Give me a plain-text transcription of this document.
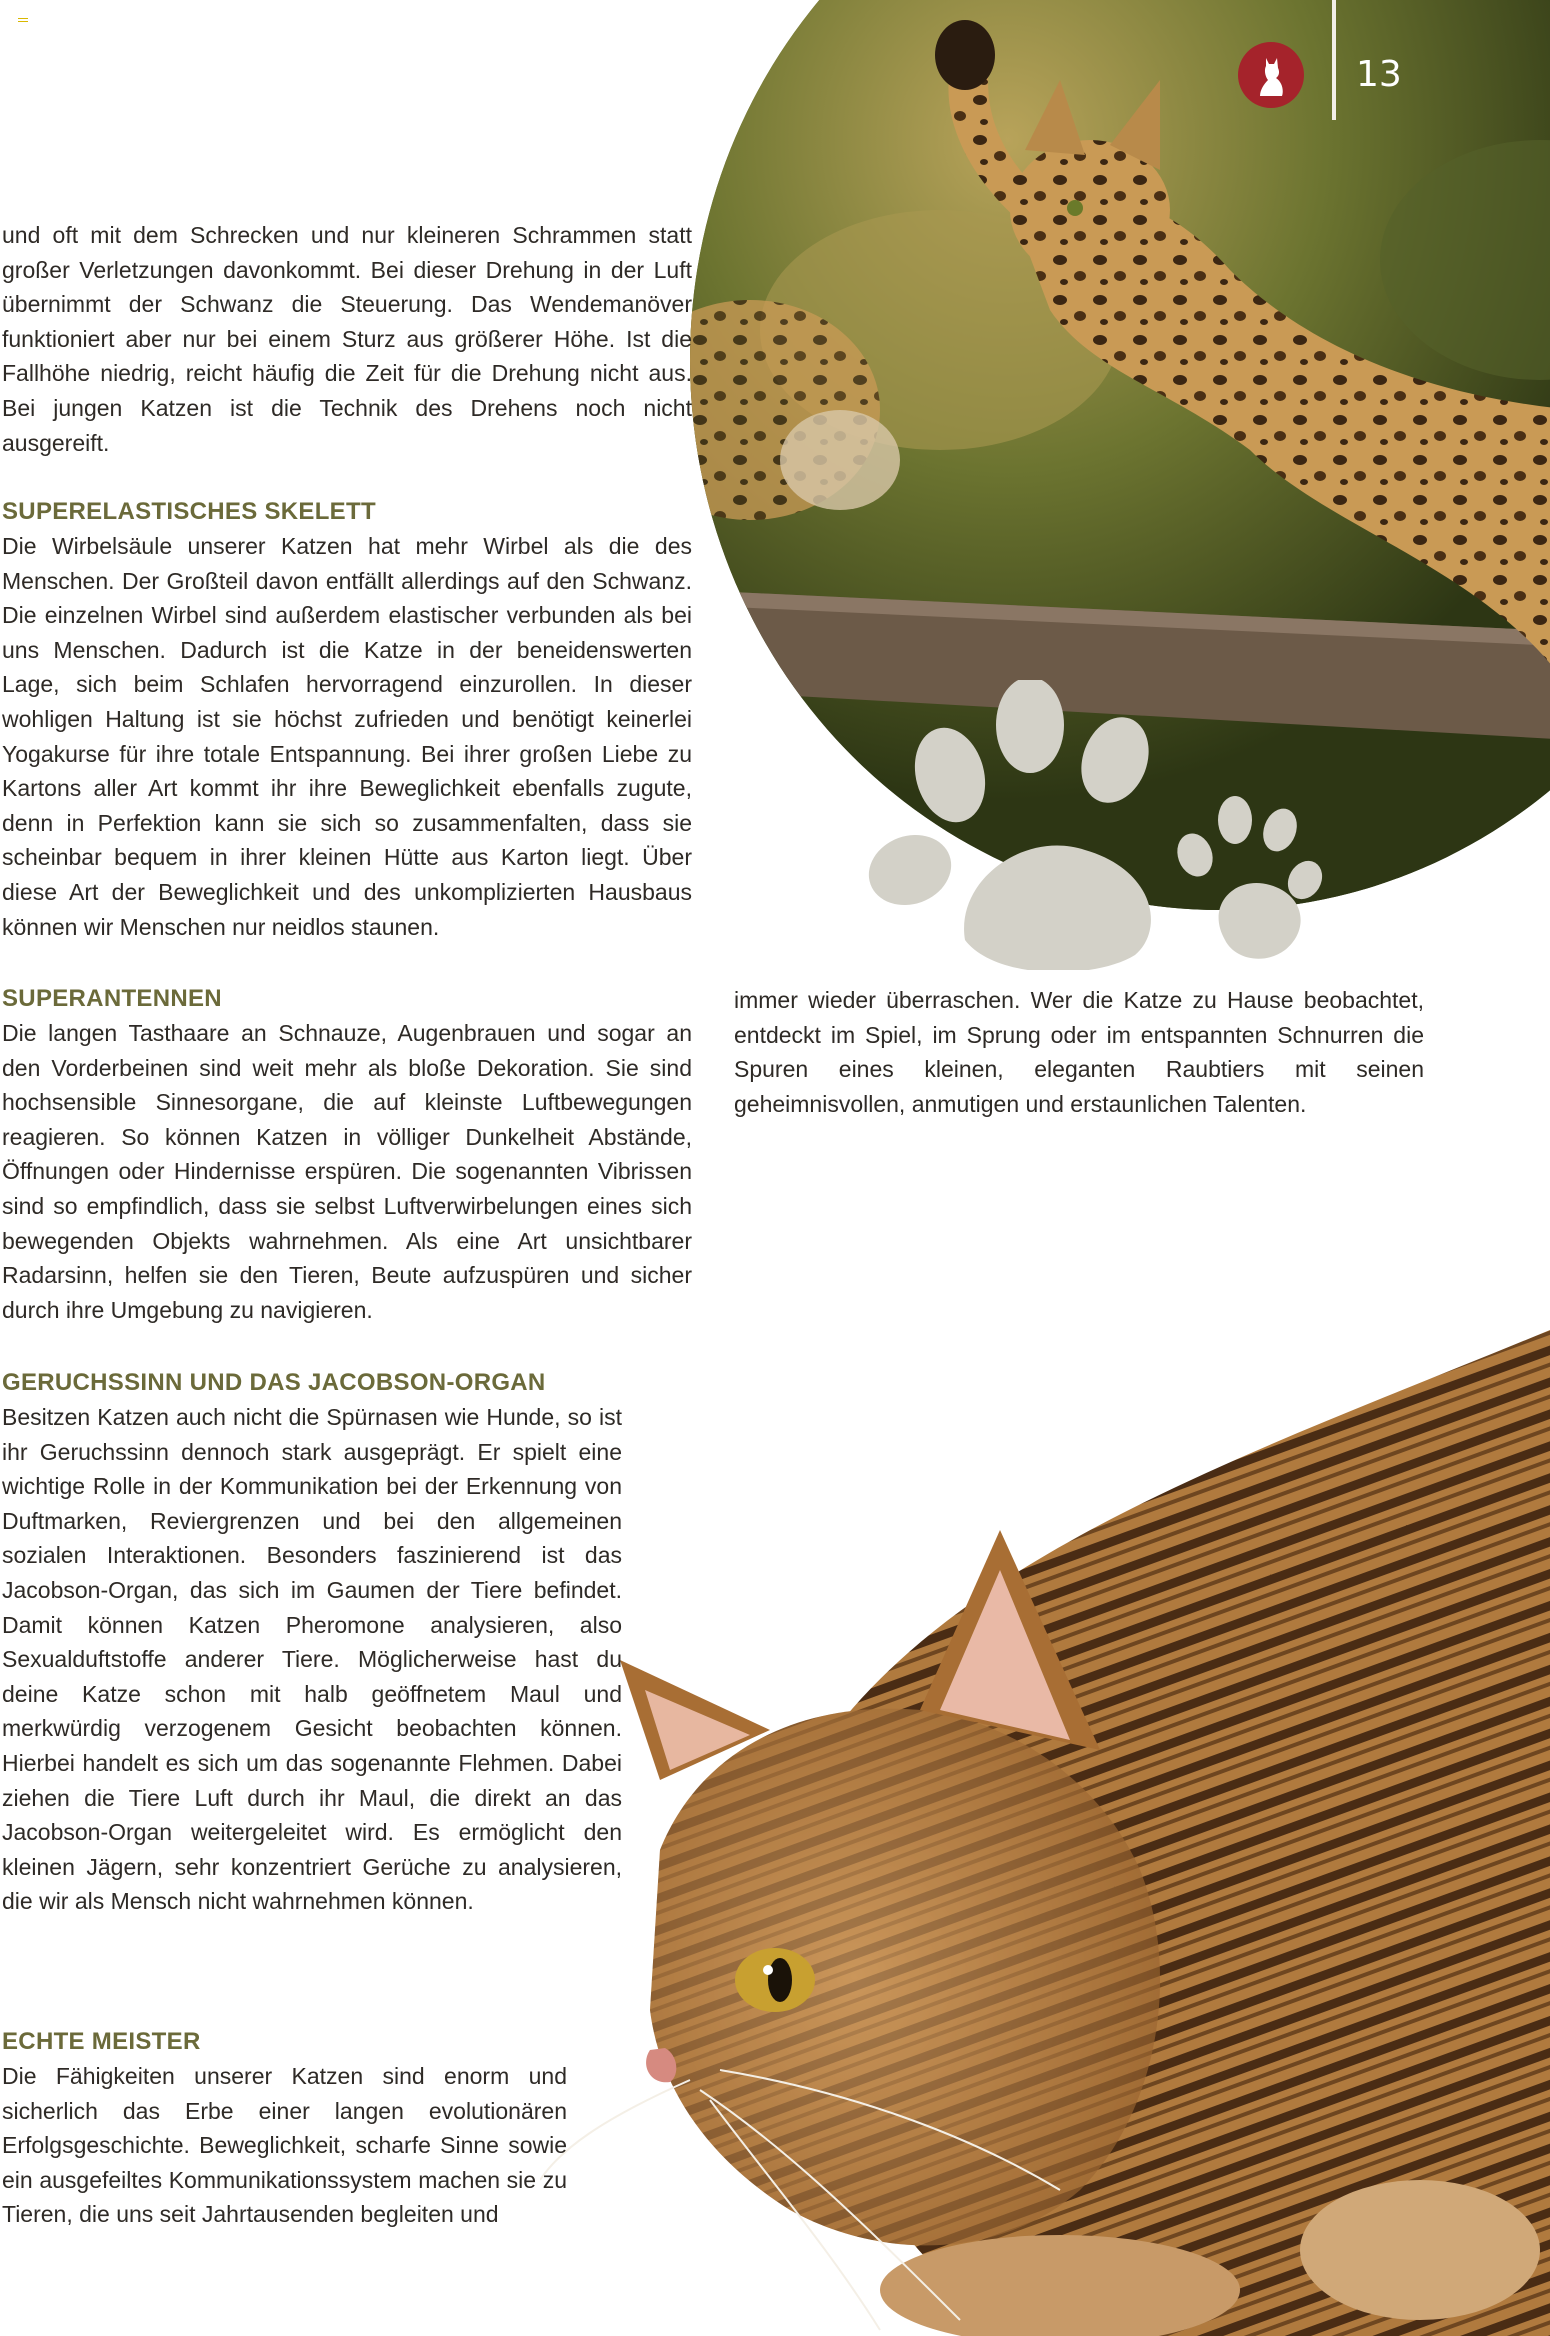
13

und oft mit dem Schrecken und nur kleineren Schrammen statt großer Verletzungen davonkommt. Bei dieser Drehung in der Luft übernimmt der Schwanz die Steuerung. Das Wendemanöver funktioniert aber nur bei einem Sturz aus größerer Höhe. Ist die Fallhöhe niedrig, reicht häufig die Zeit für die Drehung nicht aus. Bei jungen Katzen ist die Technik des Drehens noch nicht ausgereift.

SUPERELASTISCHES SKELETT

Die Wirbelsäule unserer Katzen hat mehr Wirbel als die des Menschen. Der Großteil davon entfällt allerdings auf den Schwanz. Die einzelnen Wirbel sind außerdem elastischer verbunden als bei uns Menschen. Dadurch ist die Katze in der beneidenswerten Lage, sich beim Schlafen hervorragend einzurollen. In dieser wohligen Haltung ist sie höchst zufrieden und benötigt keinerlei Yogakurse für ihre totale Entspannung. Bei ihrer großen Liebe zu Kartons aller Art kommt ihr ihre Beweglichkeit ebenfalls zugute, denn in Perfektion kann sie sich so zusammenfalten, dass sie scheinbar bequem in ihrer kleinen Hütte aus Karton liegt. Über diese Art der Beweglichkeit und des unkomplizierten Hausbaus können wir Menschen nur neidlos staunen.

SUPERANTENNEN

Die langen Tasthaare an Schnauze, Augenbrauen und sogar an den Vorderbeinen sind weit mehr als bloße Dekoration. Sie sind hochsensible Sinnesorgane, die auf kleinste Luftbewegungen reagieren. So können Katzen in völliger Dunkelheit Abstände, Öffnungen oder Hindernisse erspüren. Die sogenannten Vibrissen sind so empfindlich, dass sie selbst Luftverwirbelungen eines sich bewegenden Objekts wahrnehmen. Als eine Art unsichtbarer Radarsinn, helfen sie den Tieren, Beute aufzuspüren und sicher durch ihre Umgebung zu navigieren.

immer wieder überraschen. Wer die Katze zu Hause beobachtet, entdeckt im Spiel, im Sprung oder im entspannten Schnurren die Spuren eines kleinen, eleganten Raubtiers mit seinen geheimnisvollen, anmutigen und erstaunlichen Talenten.

GERUCHSSINN UND DAS JACOBSON-ORGAN

Besitzen Katzen auch nicht die Spürnasen wie Hunde, so ist ihr Geruchssinn dennoch stark ausgeprägt. Er spielt eine wichtige Rolle in der Kommunikation bei der Erkennung von Duftmarken, Reviergrenzen und bei den allgemeinen sozialen Interaktionen. Besonders faszinierend ist das Jacobson-Organ, das sich im Gaumen der Tiere befindet. Damit können Katzen Pheromone analysieren, also Sexualduftstoffe anderer Tiere. Möglicherweise hast du deine Katze schon mit halb geöffnetem Maul und merkwürdig verzogenem Gesicht beobachten können. Hierbei handelt es sich um das sogenannte Flehmen. Dabei ziehen die Tiere Luft durch ihr Maul, die direkt an das Jacobson-Organ weitergeleitet wird. Es ermöglicht den kleinen Jägern, sehr konzentriert Gerüche zu analysieren, die wir als Mensch nicht wahrnehmen können.

ECHTE MEISTER

Die Fähigkeiten unserer Katzen sind enorm und sicherlich das Erbe einer langen evolutionären Erfolgsgeschichte. Beweglichkeit, scharfe Sinne sowie ein ausgefeiltes Kommunikationssystem machen sie zu Tieren, die uns seit Jahrtausenden begleiten und
